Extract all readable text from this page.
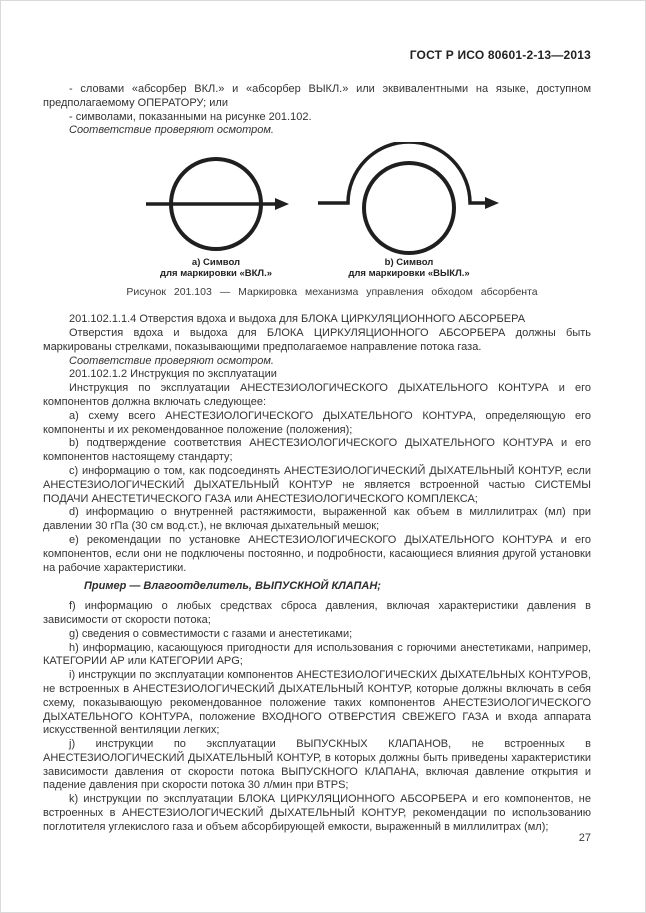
ГОСТ Р ИСО 80601-2-13—2013

- словами «абсорбер ВКЛ.» и «абсорбер ВЫКЛ.» или эквивалентными на языке, доступном предполагаемому ОПЕРАТОРУ; или

- символами, показанными на рисунке 201.102.

Соответствие проверяют осмотром.

а) Символ
для маркировки «ВКЛ.»
b) Символ
для маркировки «ВЫКЛ.»
Рисунок 201.103 — Маркировка механизма управления обходом абсорбента

201.102.1.1.4 Отверстия вдоха и выдоха для БЛОКА ЦИРКУЛЯЦИОННОГО АБСОРБЕРА

Отверстия вдоха и выдоха для БЛОКА ЦИРКУЛЯЦИОННОГО АБСОРБЕРА должны быть маркированы стрелками, показывающими предполагаемое направление потока газа.

Соответствие проверяют осмотром.

201.102.1.2 Инструкция по эксплуатации

Инструкция по эксплуатации АНЕСТЕЗИОЛОГИЧЕСКОГО ДЫХАТЕЛЬНОГО КОНТУРА и его компонентов должна включать следующее:

a) схему всего АНЕСТЕЗИОЛОГИЧЕСКОГО ДЫХАТЕЛЬНОГО КОНТУРА, определяющую его компоненты и их рекомендованное положение (положения);

b) подтверждение соответствия АНЕСТЕЗИОЛОГИЧЕСКОГО ДЫХАТЕЛЬНОГО КОНТУРА и его компонентов настоящему стандарту;

c) информацию о том, как подсоединять АНЕСТЕЗИОЛОГИЧЕСКИЙ ДЫХАТЕЛЬНЫЙ КОНТУР, если АНЕСТЕЗИОЛОГИЧЕСКИЙ ДЫХАТЕЛЬНЫЙ КОНТУР не является встроенной частью СИСТЕМЫ ПОДАЧИ АНЕСТЕТИЧЕСКОГО ГАЗА или АНЕСТЕЗИОЛОГИЧЕСКОГО КОМПЛЕКСА;

d) информацию о внутренней растяжимости, выраженной как объем в миллилитрах (мл) при давлении 30 гПа (30 см вод.ст.), не включая дыхательный мешок;

e) рекомендации по установке АНЕСТЕЗИОЛОГИЧЕСКОГО ДЫХАТЕЛЬНОГО КОНТУРА и его компонентов, если они не подключены постоянно, и подробности, касающиеся влияния другой установки на рабочие характеристики.

Пример — Влагоотделитель, ВЫПУСКНОЙ КЛАПАН;

f) информацию о любых средствах сброса давления, включая характеристики давления в зависимости от скорости потока;

g) сведения о совместимости с газами и анестетиками;

h) информацию, касающуюся пригодности для использования с горючими анестетиками, например, КАТЕГОРИИ АР или КАТЕГОРИИ APG;

i) инструкции по эксплуатации компонентов АНЕСТЕЗИОЛОГИЧЕСКИХ ДЫХАТЕЛЬНЫХ КОНТУРОВ, не встроенных в АНЕСТЕЗИОЛОГИЧЕСКИЙ ДЫХАТЕЛЬНЫЙ КОНТУР, которые должны включать в себя схему, показывающую рекомендованное положение таких компонентов АНЕСТЕЗИОЛОГИЧЕСКОГО ДЫХАТЕЛЬНОГО КОНТУРА, положение ВХОДНОГО ОТВЕРСТИЯ СВЕЖЕГО ГАЗА и входа аппарата искусственной вентиляции легких;

j) инструкции по эксплуатации ВЫПУСКНЫХ КЛАПАНОВ, не встроенных в АНЕСТЕЗИОЛОГИЧЕСКИЙ ДЫХАТЕЛЬНЫЙ КОНТУР, в которых должны быть приведены характеристики зависимости давления от скорости потока ВЫПУСКНОГО КЛАПАНА, включая давление открытия и падение давления при скорости потока 30 л/мин при BTPS;

k) инструкции по эксплуатации БЛОКА ЦИРКУЛЯЦИОННОГО АБСОРБЕРА и его компонентов, не встроенных в АНЕСТЕЗИОЛОГИЧЕСКИЙ ДЫХАТЕЛЬНЫЙ КОНТУР, рекомендации по использованию поглотителя углекислого газа и объем абсорбирующей емкости, выраженный в миллилитрах (мл);

27
